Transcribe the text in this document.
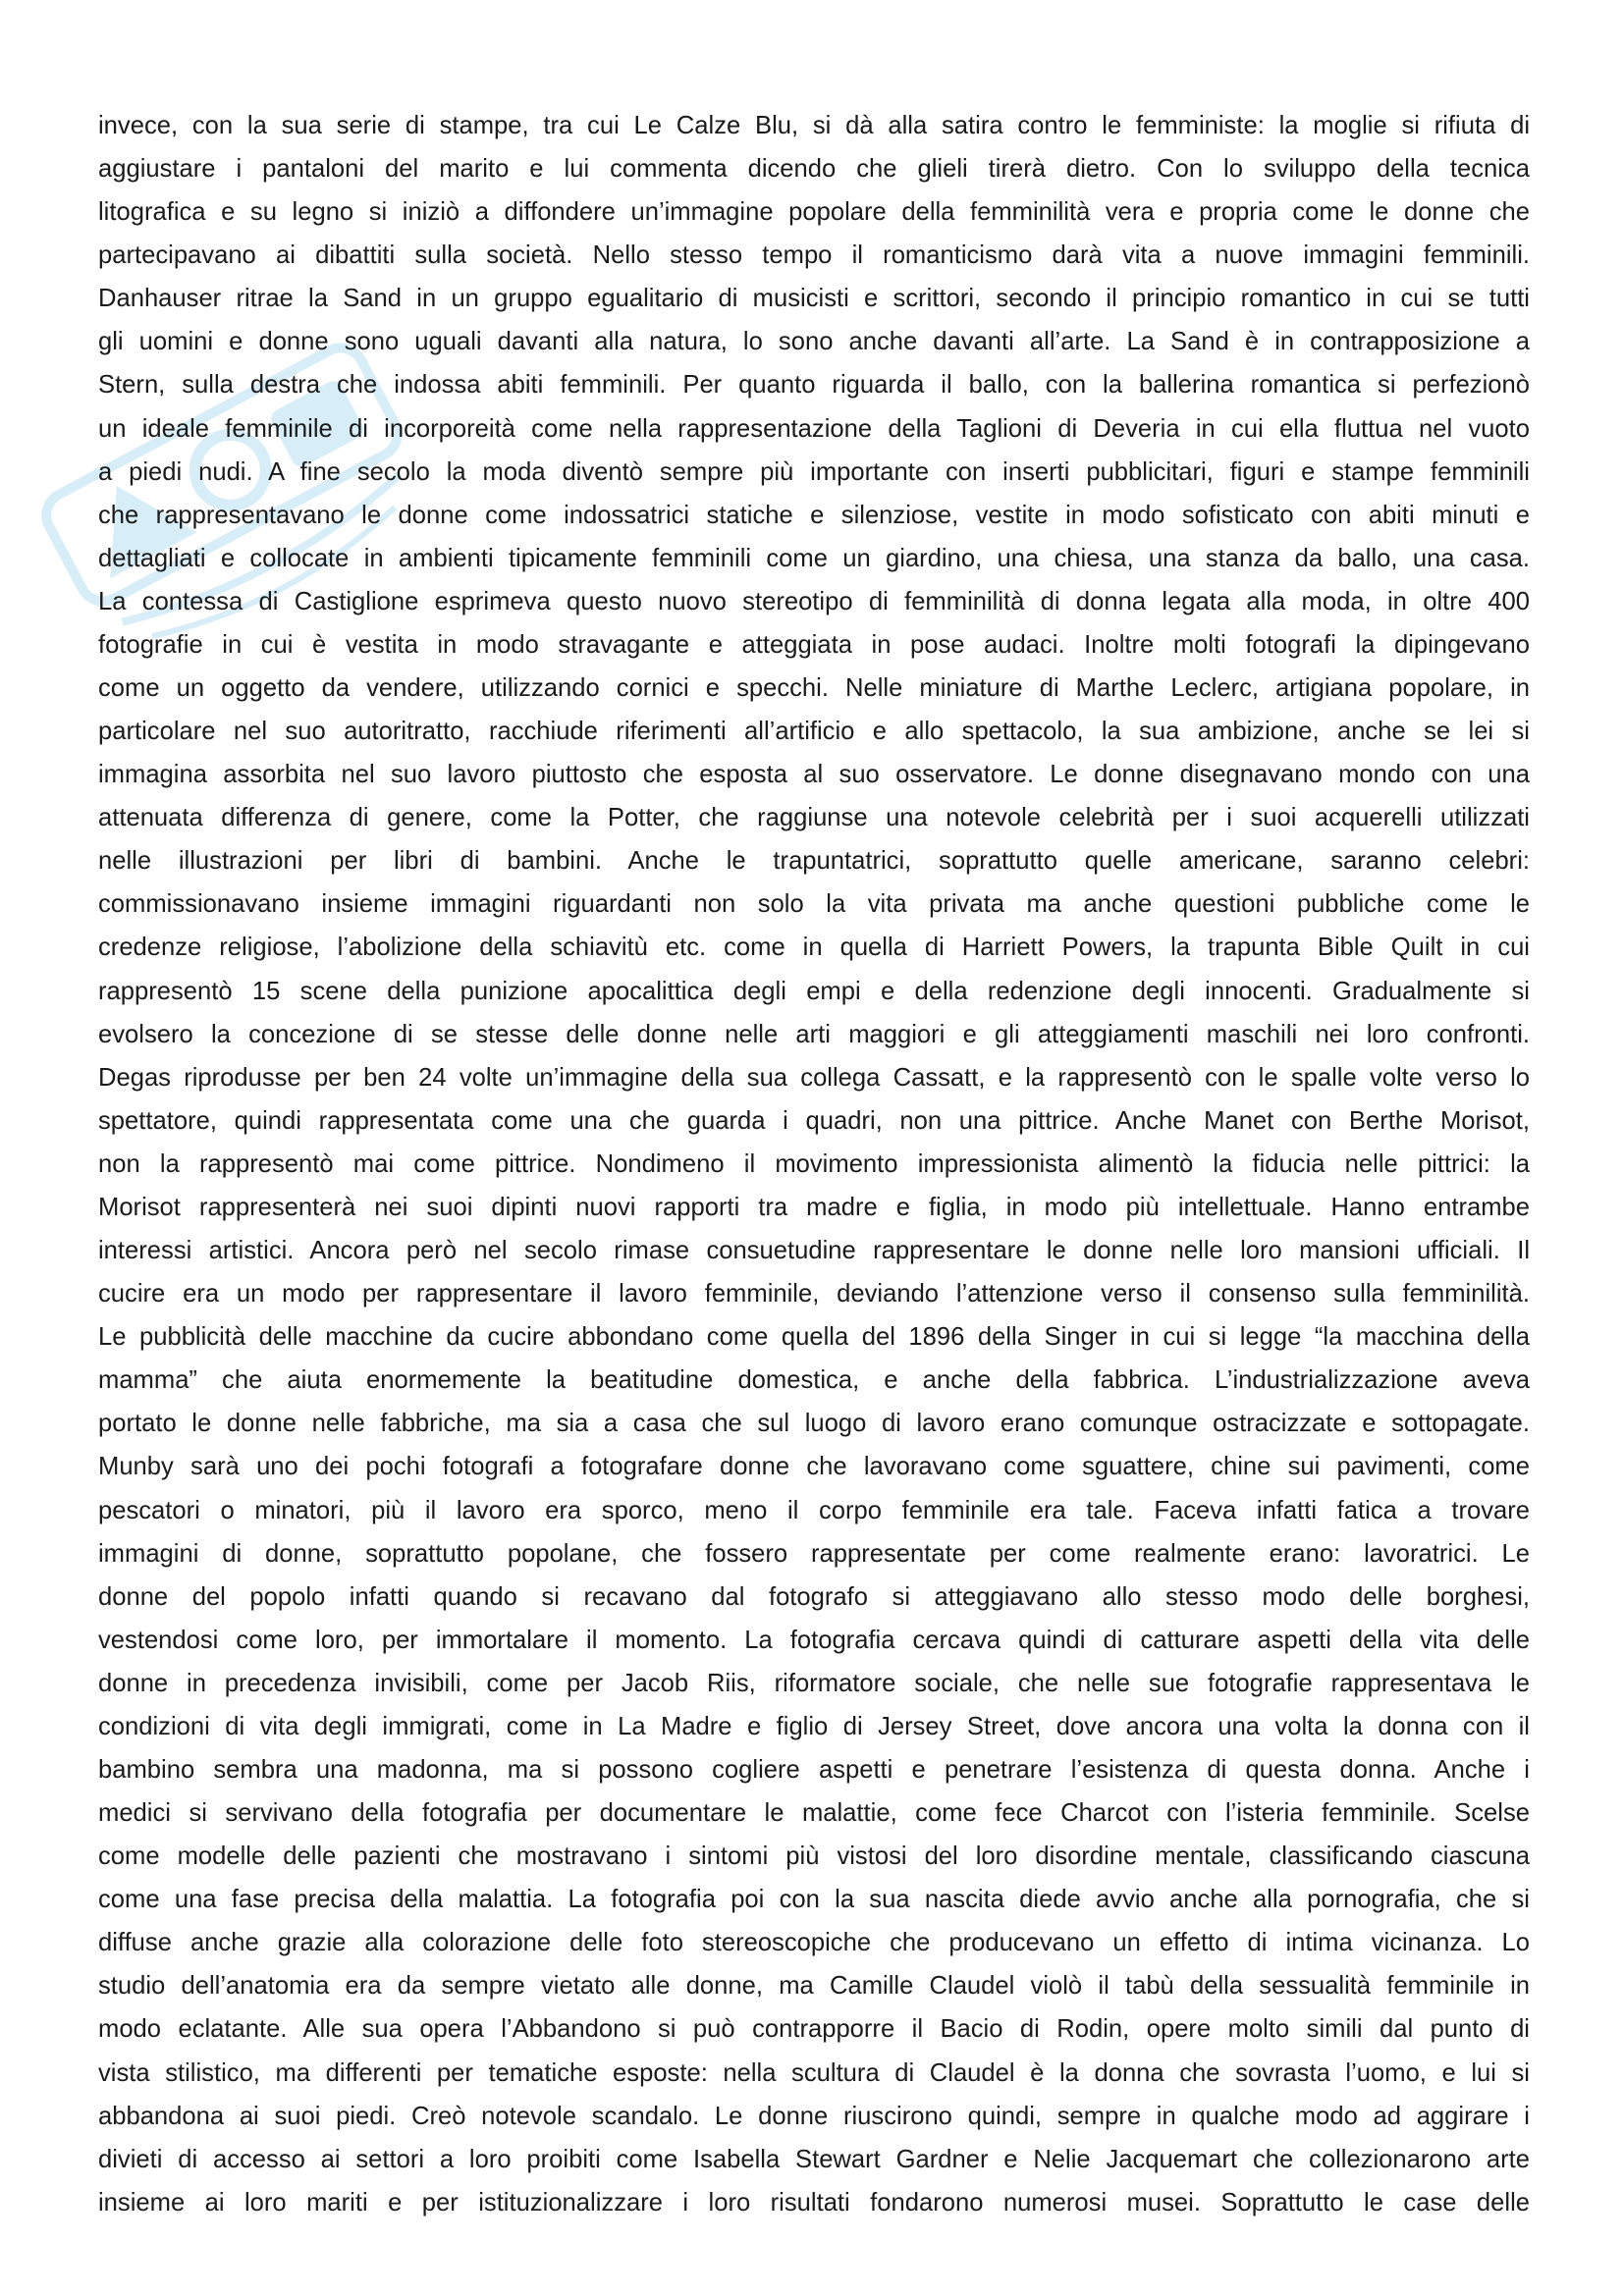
invece, con la sua serie di stampe, tra cui Le Calze Blu, si dà alla satira contro le femministe: la moglie si rifiuta di
aggiustare i pantaloni del marito e lui commenta dicendo che glieli tirerà dietro. Con lo sviluppo della tecnica
litografica e su legno si iniziò a diffondere un’immagine popolare della femminilità vera e propria come le donne che
partecipavano ai dibattiti sulla società. Nello stesso tempo il romanticismo darà vita a nuove immagini femminili.
Danhauser ritrae la Sand in un gruppo egualitario di musicisti e scrittori, secondo il principio romantico in cui se tutti
gli uomini e donne sono uguali davanti alla natura, lo sono anche davanti all’arte. La Sand è in contrapposizione a
Stern, sulla destra che indossa abiti femminili. Per quanto riguarda il ballo, con la ballerina romantica si perfezionò
un ideale femminile di incorporeità come nella rappresentazione della Taglioni di Deveria in cui ella fluttua nel vuoto
a piedi nudi. A fine secolo la moda diventò sempre più importante con inserti pubblicitari, figuri e stampe femminili
che rappresentavano le donne come indossatrici statiche e silenziose, vestite in modo sofisticato con abiti minuti e
dettagliati e collocate in ambienti tipicamente femminili come un giardino, una chiesa, una stanza da ballo, una casa.
La contessa di Castiglione esprimeva questo nuovo stereotipo di femminilità di donna legata alla moda, in oltre 400
fotografie in cui è vestita in modo stravagante e atteggiata in pose audaci. Inoltre molti fotografi la dipingevano
come un oggetto da vendere, utilizzando cornici e specchi. Nelle miniature di Marthe Leclerc, artigiana popolare, in
particolare nel suo autoritratto, racchiude riferimenti all’artificio e allo spettacolo, la sua ambizione, anche se lei si
immagina assorbita nel suo lavoro piuttosto che esposta al suo osservatore. Le donne disegnavano mondo con una
attenuata differenza di genere, come la Potter, che raggiunse una notevole celebrità per i suoi acquerelli utilizzati
nelle illustrazioni per libri di bambini. Anche le trapuntatrici, soprattutto quelle americane, saranno celebri:
commissionavano insieme immagini riguardanti non solo la vita privata ma anche questioni pubbliche come le
credenze religiose, l’abolizione della schiavitù etc. come in quella di Harriett Powers, la trapunta Bible Quilt in cui
rappresentò 15 scene della punizione apocalittica degli empi e della redenzione degli innocenti. Gradualmente si
evolsero la concezione di se stesse delle donne nelle arti maggiori e gli atteggiamenti maschili nei loro confronti.
Degas riprodusse per ben 24 volte un’immagine della sua collega Cassatt, e la rappresentò con le spalle volte verso lo
spettatore, quindi rappresentata come una che guarda i quadri, non una pittrice. Anche Manet con Berthe Morisot,
non la rappresentò mai come pittrice. Nondimeno il movimento impressionista alimentò la fiducia nelle pittrici: la
Morisot rappresenterà nei suoi dipinti nuovi rapporti tra madre e figlia, in modo più intellettuale. Hanno entrambe
interessi artistici. Ancora però nel secolo rimase consuetudine rappresentare le donne nelle loro mansioni ufficiali. Il
cucire era un modo per rappresentare il lavoro femminile, deviando l’attenzione verso il consenso sulla femminilità.
Le pubblicità delle macchine da cucire abbondano come quella del 1896 della Singer in cui si legge “la macchina della
mamma” che aiuta enormemente la beatitudine domestica, e anche della fabbrica. L’industrializzazione aveva
portato le donne nelle fabbriche, ma sia a casa che sul luogo di lavoro erano comunque ostracizzate e sottopagate.
Munby sarà uno dei pochi fotografi a fotografare donne che lavoravano come sguattere, chine sui pavimenti, come
pescatori o minatori, più il lavoro era sporco, meno il corpo femminile era tale. Faceva infatti fatica a trovare
immagini di donne, soprattutto popolane, che fossero rappresentate per come realmente erano: lavoratrici. Le
donne del popolo infatti quando si recavano dal fotografo si atteggiavano allo stesso modo delle borghesi,
vestendosi come loro, per immortalare il momento. La fotografia cercava quindi di catturare aspetti della vita delle
donne in precedenza invisibili, come per Jacob Riis, riformatore sociale, che nelle sue fotografie rappresentava le
condizioni di vita degli immigrati, come in La Madre e figlio di Jersey Street, dove ancora una volta la donna con il
bambino sembra una madonna, ma si possono cogliere aspetti e penetrare l’esistenza di questa donna. Anche i
medici si servivano della fotografia per documentare le malattie, come fece Charcot con l’isteria femminile. Scelse
come modelle delle pazienti che mostravano i sintomi più vistosi del loro disordine mentale, classificando ciascuna
come una fase precisa della malattia. La fotografia poi con la sua nascita diede avvio anche alla pornografia, che si
diffuse anche grazie alla colorazione delle foto stereoscopiche che producevano un effetto di intima vicinanza. Lo
studio dell’anatomia era da sempre vietato alle donne, ma Camille Claudel violò il tabù della sessualità femminile in
modo eclatante. Alle sua opera l’Abbandono si può contrapporre il Bacio di Rodin, opere molto simili dal punto di
vista stilistico, ma differenti per tematiche esposte: nella scultura di Claudel è la donna che sovrasta l’uomo, e lui si
abbandona ai suoi piedi. Creò notevole scandalo. Le donne riuscirono quindi, sempre in qualche modo ad aggirare i
divieti di accesso ai settori a loro proibiti come Isabella Stewart Gardner e Nelie Jacquemart che collezionarono arte
insieme ai loro mariti e per istituzionalizzare i loro risultati fondarono numerosi musei. Soprattutto le case delle
